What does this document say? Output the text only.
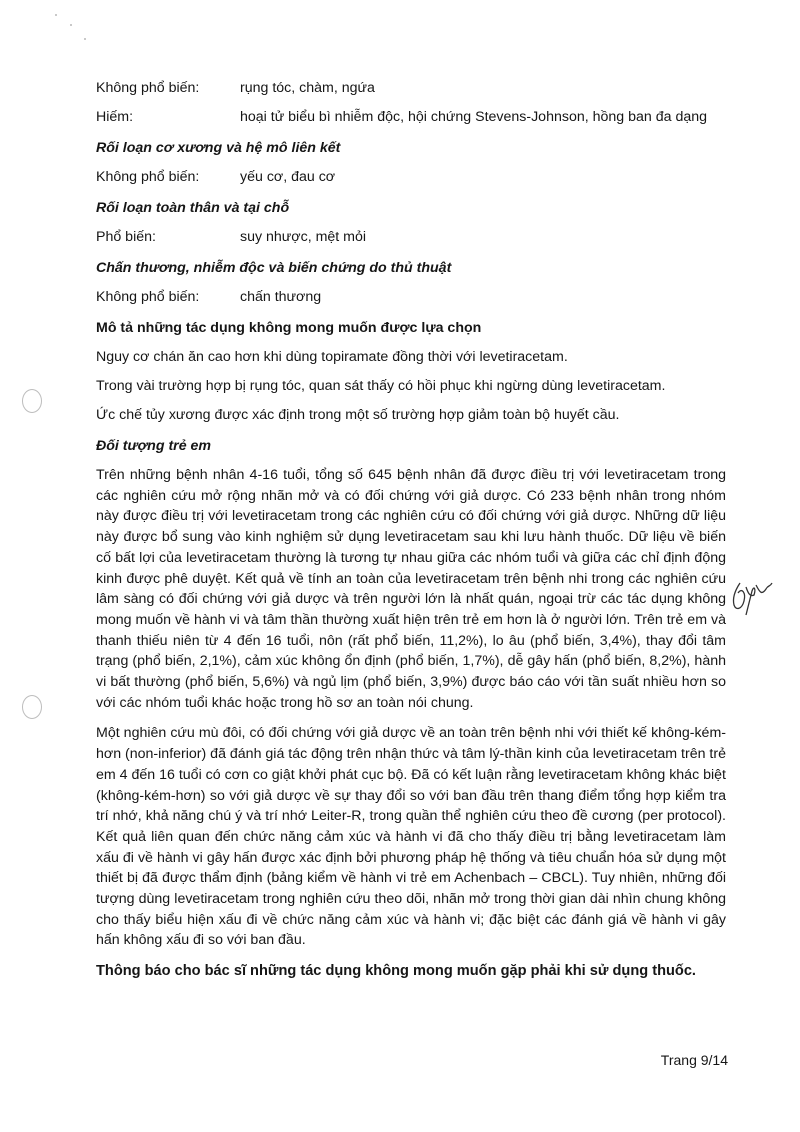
Không phổ biến:	rụng tóc, chàm, ngứa
Hiếm:	hoại tử biểu bì nhiễm độc, hội chứng Stevens-Johnson, hồng ban đa dạng
Rối loạn cơ xương và hệ mô liên kết
Không phổ biến:	yếu cơ, đau cơ
Rối loạn toàn thân và tại chỗ
Phổ biến:	suy nhược, mệt mỏi
Chấn thương, nhiễm độc và biến chứng do thủ thuật
Không phổ biến:	chấn thương
Mô tả những tác dụng không mong muốn được lựa chọn
Nguy cơ chán ăn cao hơn khi dùng topiramate đồng thời với levetiracetam.
Trong vài trường hợp bị rụng tóc, quan sát thấy có hồi phục khi ngừng dùng levetiracetam.
Ức chế tủy xương được xác định trong một số trường hợp giảm toàn bộ huyết cầu.
Đối tượng trẻ em
Trên những bệnh nhân 4-16 tuổi, tổng số 645 bệnh nhân đã được điều trị với levetiracetam trong các nghiên cứu mở rộng nhãn mở và có đối chứng với giả dược. Có 233 bệnh nhân trong nhóm này được điều trị với levetiracetam trong các nghiên cứu có đối chứng với giả dược. Những dữ liệu này được bổ sung vào kinh nghiệm sử dụng levetiracetam sau khi lưu hành thuốc. Dữ liệu về biến cố bất lợi của levetiracetam thường là tương tự nhau giữa các nhóm tuổi và giữa các chỉ định động kinh được phê duyệt. Kết quả về tính an toàn của levetiracetam trên bệnh nhi trong các nghiên cứu lâm sàng có đối chứng với giả dược và trên người lớn là nhất quán, ngoại trừ các tác dụng không mong muốn về hành vi và tâm thần thường xuất hiện trên trẻ em hơn là ở người lớn. Trên trẻ em và thanh thiếu niên từ 4 đến 16 tuổi, nôn (rất phổ biến, 11,2%), lo âu (phổ biến, 3,4%), thay đổi tâm trạng (phổ biến, 2,1%), cảm xúc không ổn định (phổ biến, 1,7%), dễ gây hấn (phổ biến, 8,2%), hành vi bất thường (phổ biến, 5,6%) và ngủ lịm (phổ biến, 3,9%) được báo cáo với tần suất nhiều hơn so với các nhóm tuổi khác hoặc trong hồ sơ an toàn nói chung.
Một nghiên cứu mù đôi, có đối chứng với giả dược về an toàn trên bệnh nhi với thiết kế không-kém-hơn (non-inferior) đã đánh giá tác động trên nhận thức và tâm lý-thần kinh của levetiracetam trên trẻ em 4 đến 16 tuổi có cơn co giật khởi phát cục bộ. Đã có kết luận rằng levetiracetam không khác biệt (không-kém-hơn) so với giả dược về sự thay đổi so với ban đầu trên thang điểm tổng hợp kiểm tra trí nhớ, khả năng chú ý và trí nhớ Leiter-R, trong quần thể nghiên cứu theo đề cương (per protocol). Kết quả liên quan đến chức năng cảm xúc và hành vi đã cho thấy điều trị bằng levetiracetam làm xấu đi về hành vi gây hấn được xác định bởi phương pháp hệ thống và tiêu chuẩn hóa sử dụng một thiết bị đã được thẩm định (bảng kiểm về hành vi trẻ em Achenbach – CBCL). Tuy nhiên, những đối tượng dùng levetiracetam trong nghiên cứu theo dõi, nhãn mở trong thời gian dài nhìn chung không cho thấy biểu hiện xấu đi về chức năng cảm xúc và hành vi; đặc biệt các đánh giá về hành vi gây hấn không xấu đi so với ban đầu.
Thông báo cho bác sĩ những tác dụng không mong muốn gặp phải khi sử dụng thuốc.
Trang 9/14
